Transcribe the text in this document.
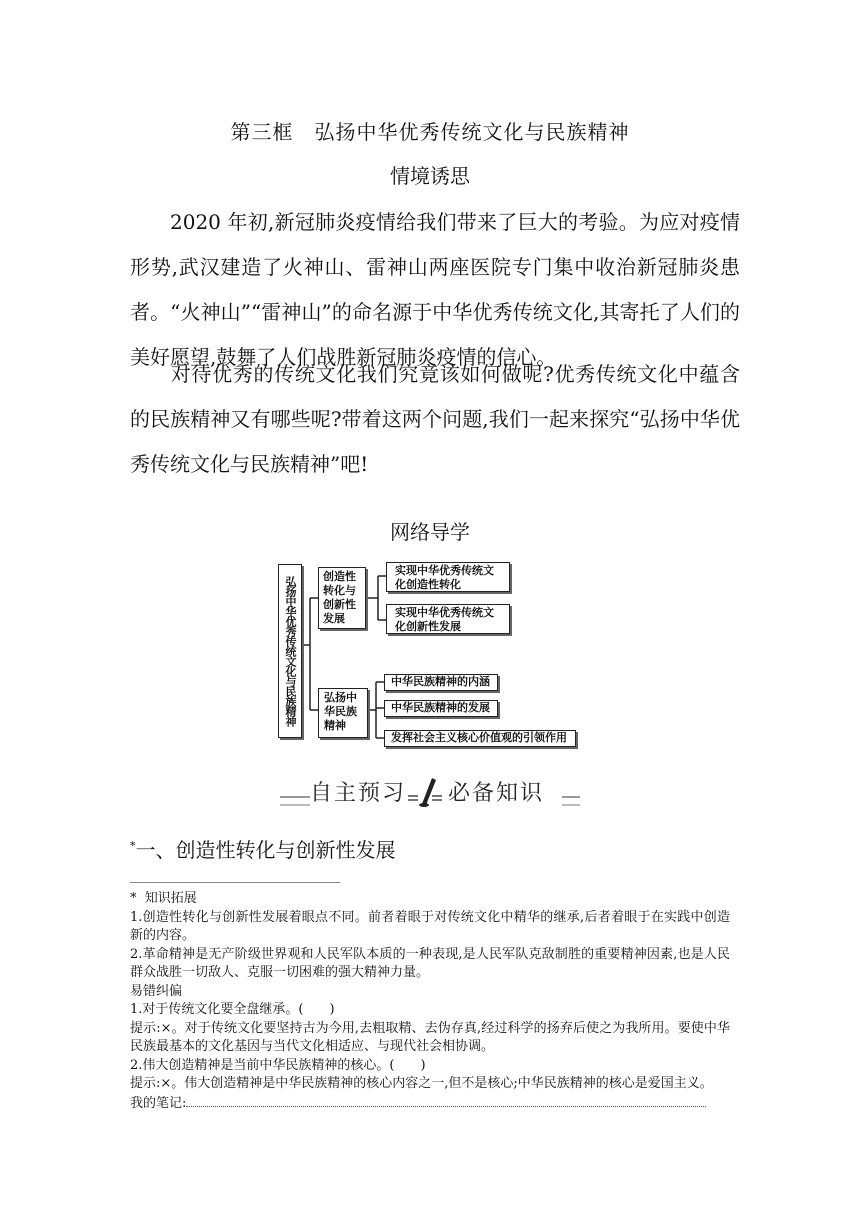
第三框　弘扬中华优秀传统文化与民族精神
情境诱思

2020 年初,新冠肺炎疫情给我们带来了巨大的考验。为应对疫情形势,武汉建造了火神山、雷神山两座医院专门集中收治新冠肺炎患者。“火神山”“雷神山”的命名源于中华优秀传统文化,其寄托了人们的美好愿望,鼓舞了人们战胜新冠肺炎疫情的信心。

对待优秀的传统文化我们究竟该如何做呢?优秀传统文化中蕴含的民族精神又有哪些呢?带着这两个问题,我们一起来探究“弘扬中华优秀传统文化与民族精神”吧!

网络导学
弘扬中华优秀传统文化与民族精神	创造性转化与创新性发展
实现中华优秀传统文化创造性转化
实现中华优秀传统文化创新性发展
弘扬中华民族精神
中华民族精神的内涵
中华民族精神的发展
发挥社会主义核心价值观的引领作用
自主预习 必备知识
*一、创造性转化与创新性发展

* 知识拓展

1.创造性转化与创新性发展着眼点不同。前者着眼于对传统文化中精华的继承,后者着眼于在实践中创造新的内容。

2.革命精神是无产阶级世界观和人民军队本质的一种表现,是人民军队克敌制胜的重要精神因素,也是人民群众战胜一切敌人、克服一切困难的强大精神力量。

易错纠偏

1.对于传统文化要全盘继承。(　　)

提示:×。对于传统文化要坚持古为今用,去粗取精、去伪存真,经过科学的扬弃后使之为我所用。要使中华民族最基本的文化基因与当代文化相适应、与现代社会相协调。

2.伟大创造精神是当前中华民族精神的核心。(　　)

提示:×。伟大创造精神是中华民族精神的核心内容之一,但不是核心;中华民族精神的核心是爱国主义。

我的笔记:
